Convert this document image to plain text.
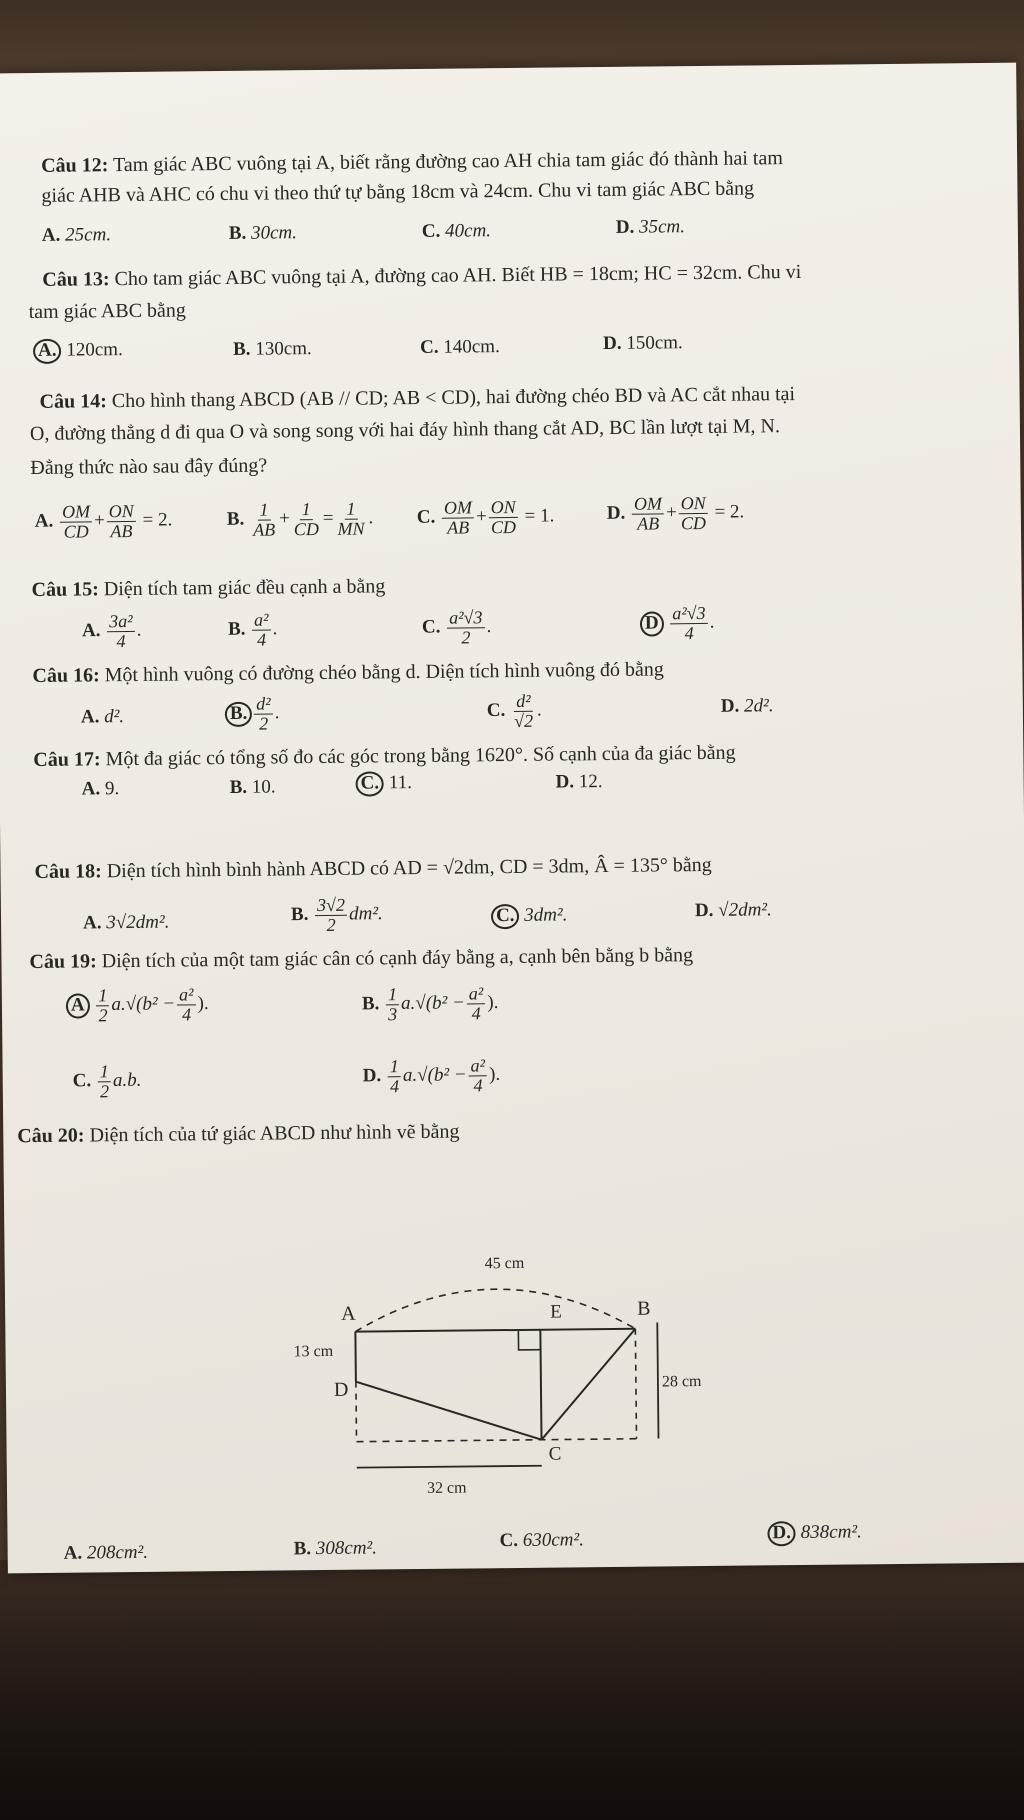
Câu 12: Tam giác ABC vuông tại A, biết rằng đường cao AH chia tam giác đó thành hai tam
giác AHB và AHC có chu vi theo thứ tự bằng 18cm và 24cm. Chu vi tam giác ABC bằng
A. 25cm.	B. 30cm.	C. 40cm.	D. 35cm.
Câu 13: Cho tam giác ABC vuông tại A, đường cao AH. Biết HB = 18cm; HC = 32cm. Chu vi
tam giác ABC bằng
A. 120cm.	B. 130cm.	C. 140cm.	D. 150cm.
Câu 14: Cho hình thang ABCD (AB // CD; AB < CD), hai đường chéo BD và AC cắt nhau tại
O, đường thẳng d đi qua O và song song với hai đáy hình thang cắt AD, BC lần lượt tại M, N.
Đẳng thức nào sau đây đúng?
A. $\frac{OM}{CD} + \frac{ON}{AB} = 2$.	B. $\frac{1}{AB} + \frac{1}{CD} = \frac{1}{MN}$ . C. $\frac{OM}{AB} + \frac{ON}{CD} = 1$.	D. $\frac{OM}{AB} + \frac{ON}{CD} = 2$.
Câu 15: Diện tích tam giác đều cạnh a bằng
A. $\frac{\text{3a²}}{4}$ .	B. $\frac{\text{a²}}{4}$ .	C. $\frac{\text{a²√3}}{2}$ .	D $\frac{\text{a²√3}}{4}$ .
Câu 16: Một hình vuông có đường chéo bằng d. Diện tích hình vuông đó bằng
A. d².	B. $\frac{\text{d²}}{2}$ .	C. $\frac{\text{d²}}{√2}$ .	D. 2d².
Câu 17: Một đa giác có tổng số đo các góc trong bằng 1620°. Số cạnh của đa giác bằng
A. 9.	B. 10.	C. 11.	D. 12.
Câu 18: Diện tích hình bình hành ABCD có AD = √2dm, CD = 3dm, Â = 135° bằng
A. 3√2dm².	B. $\frac{3√2}{2} dm^2$.	C. 3dm².	D. √2dm².
Câu 19: Diện tích của một tam giác cân có cạnh đáy bằng a, cạnh bên bằng b bằng
A $\frac{1}{2} a.√(b^2 - \frac{\text{a²}}{4}$ ).	B. $\frac{1}{3} a.√(b^2 - \frac{\text{a²}}{4}$ ).
C. $\frac{1}{2} a.b$.	D. $\frac{1}{4} a.√(b^2 - \frac{\text{a²}}{4}$ ).
Câu 20: Diện tích của tứ giác ABCD như hình vẽ bằng
45 cm
A	E	B
D
C
13 cm
28 cm
32 cm
A. 208cm².	B. 308cm².	C. 630cm².	D. 838cm².
